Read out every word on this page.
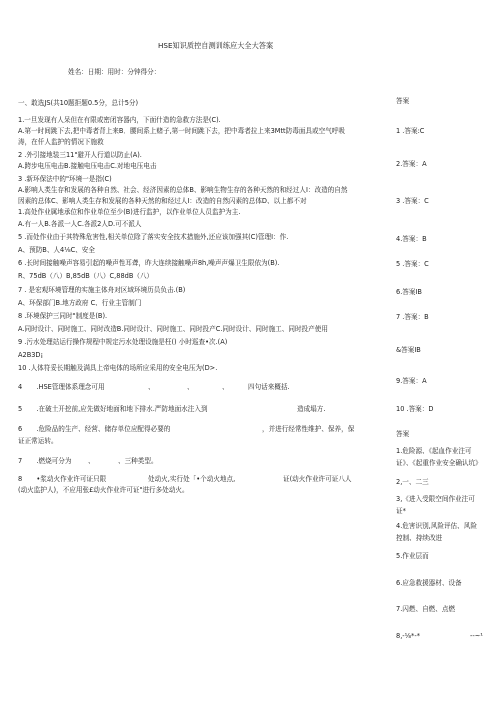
HSE知识质控自测训练应大全大答案
姓名：日期：用时：分钟得分：
一、敢选JS(共10题拒题0.5分，总计5分)
1.一旦发现有人呆但在有限或密闭容器内，下面什造的急救方法是(C).
A.第一时间跳下去,把中毒者背上来B．腰间系上赌子,第一时间跳下去，把中毒者拉上来3Mtt防毒面具或空气呼吸
涛，在仟人监护的情况下施救
2 .外引接地装三11"避开人行道以防止(A).
A.跨步电压电击B.接触电压电击C.对地电压电击
3 .新环保法中的"环境一是指(C)
A.影响人类生存和发展的各种自然、社会、经济因素的总体B、影响生物生存的各种天然的和经过人I：改造的自然
因素的总体C、影响人类生存和发展的各种天然的和经过人I：改造的自然闪素的总体D、以上都不对
1.高处作业属地承位和作业单位至少(B)进行监护，以作业单位人员监护为主.
A.有一人B.各派一人C.各派2人D.可不派人
5 .而处作业由于其特殊危害性,相关单位除了落实安全技术措施外,还应该加强其(C)管理I：作.
A、预防B、人4⅛C、安全
6 .长时间接触噪声容易引起的噪声性耳聋，昨大连续接触噪声8h,噪声声爆卫生限依为(B).
R、75dB（八）B,85dB（八）C,88dB（八）
7 . 是宏观环境管理的实施主体舟对区域环境历员负击.(B)
A、环保部门B.地方政府 C、行业主管制门
8 .环境保护三同时"制度是(B).
A.同时设计、同时施工、同时改造B.同时设计、同时施工、同时投产C.同时设计、同时施工、同时投产使用
9 .污水处理站运行操作规程中规定污水处理设施是枉() 小时巡查•次.(A)
A2B3D¡
10 .人体符妥长期触及满具上帝电体的场所应采用的安全电压为(D>.
4 .HSE管理体系理念可用	、	、	、	四句话来概括.
5 .在破土开挖前,应先做好地面和地下排水.严防地面水注入到	造成塌方.
6 .危险品的生产、经营、储存单位应配得必要的	，并进行经常性维护、保养，保
证正常运转。
7 .燃烧可分为	、	、三种类型。
8 •浆动火作业许可证只限	处动火,实行处「•个动火地点,	证(动火作业许可证八人
(动火监护人)，不应用张£动火作业许可证"进行多处动火。
答案
1 .答案:C
2.答案：A
3 .答案：C
4.答案：B
5 .答案：C
6.答案IB
7 .答案：B
&答案IB
9.答案：A
10 .答案：D
答案
1.危险源、《起血作业注可
证》、《起重作业安全确认坑》
2,一、二三
3,《进入受限空间作业注可
证*
4.危害识别,风险评估、风险
控制、持续改进
5.作业层而
6.应急救援器材、设备
7.闪燃、自燃、点燃
8,-⅛*-*	--~¹
